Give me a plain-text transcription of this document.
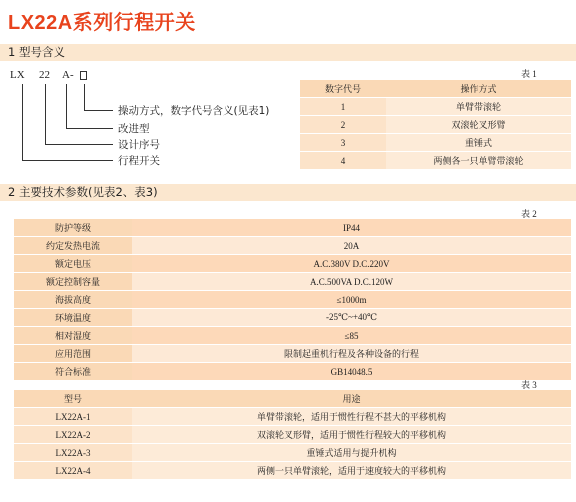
LX22A系列行程开关
1 型号含义
LX 22 A-
操动方式，数字代号含义(见表1)
改进型
设计序号
行程开关
表 1
数字代号	操作方式
1	单臂带滚轮
2	双滚轮叉形臂
3	重锤式
4	两侧各一只单臂带滚轮
2 主要技术参数(见表2、表3)
表 2
防护等级	IP44
约定发热电流	20A
额定电压	A.C.380V D.C.220V
额定控制容量	A.C.500VA D.C.120W
海拔高度	≤1000m
环境温度	-25℃~+40℃
相对湿度	≤85
应用范围	限制起重机行程及各种设备的行程
符合标准	GB14048.5
表 3
型号	用途
LX22A-1	单臂带滚轮，适用于惯性行程不甚大的平移机构
LX22A-2	双滚轮叉形臂，适用于惯性行程较大的平移机构
LX22A-3	重锤式适用与提升机构
LX22A-4	两侧一只单臂滚轮，适用于速度较大的平移机构
